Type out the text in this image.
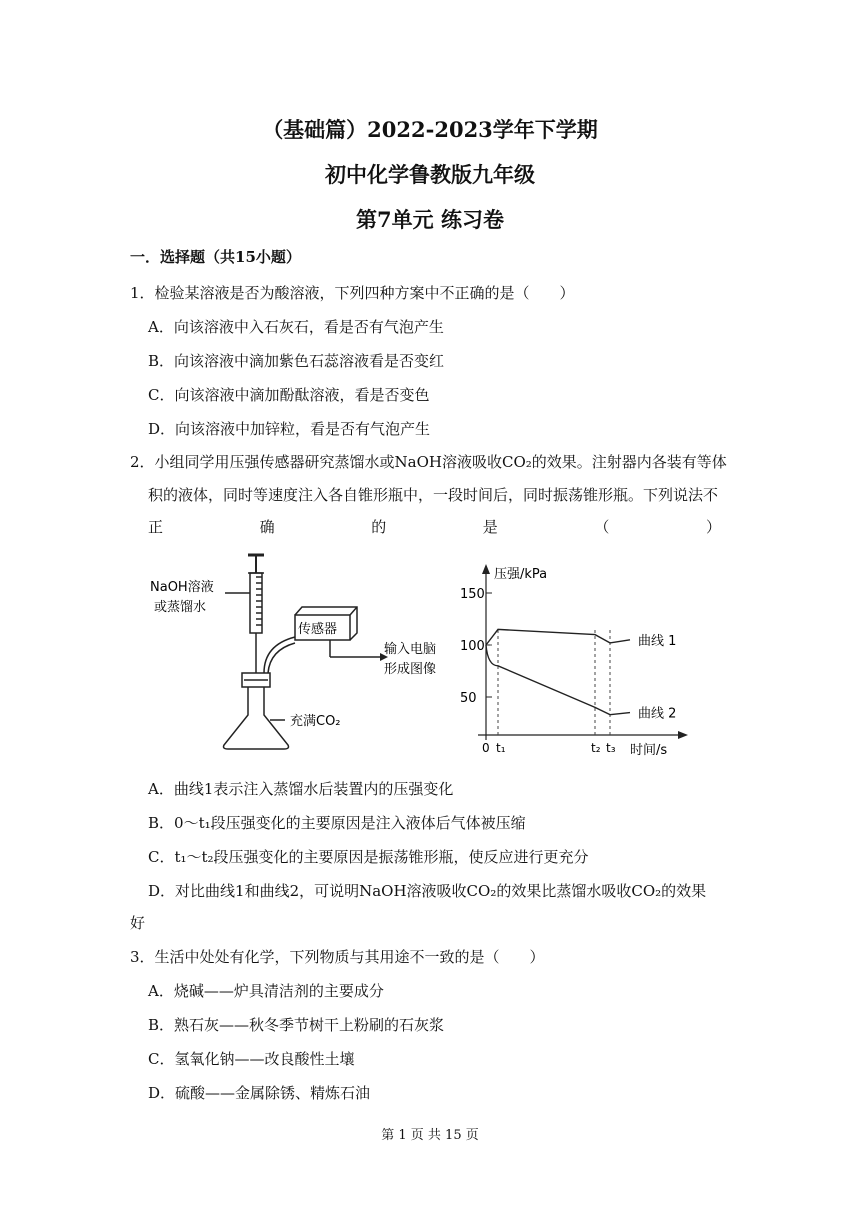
（基础篇）2022-2023学年下学期
初中化学鲁教版九年级
第7单元 练习卷
一．选择题（共15小题）
1．检验某溶液是否为酸溶液，下列四种方案中不正确的是（　　）
A．向该溶液中入石灰石，看是否有气泡产生
B．向该溶液中滴加紫色石蕊溶液看是否变红
C．向该溶液中滴加酚酞溶液，看是否变色
D．向该溶液中加锌粒，看是否有气泡产生
2．小组同学用压强传感器研究蒸馏水或NaOH溶液吸收CO₂的效果。注射器内各装有等体
积的液体，同时等速度注入各自锥形瓶中，一段时间后，同时振荡锥形瓶。下列说法不
正	确	的	是	（	）
NaOH溶液
或蒸馏水
传感器
输入电脑
形成图像
充满CO₂
压强/kPa
时间/s
150
100
50
0 t₁	t₂ t₃
曲线 1
曲线 2
A．曲线1表示注入蒸馏水后装置内的压强变化
B．0～t₁段压强变化的主要原因是注入液体后气体被压缩
C．t₁～t₂段压强变化的主要原因是振荡锥形瓶，使反应进行更充分
D．对比曲线1和曲线2，可说明NaOH溶液吸收CO₂的效果比蒸馏水吸收CO₂的效果
好
3．生活中处处有化学，下列物质与其用途不一致的是（　　）
A．烧碱——炉具清洁剂的主要成分
B．熟石灰——秋冬季节树干上粉刷的石灰浆
C．氢氧化钠——改良酸性土壤
D．硫酸——金属除锈、精炼石油
第 1 页 共 15 页
